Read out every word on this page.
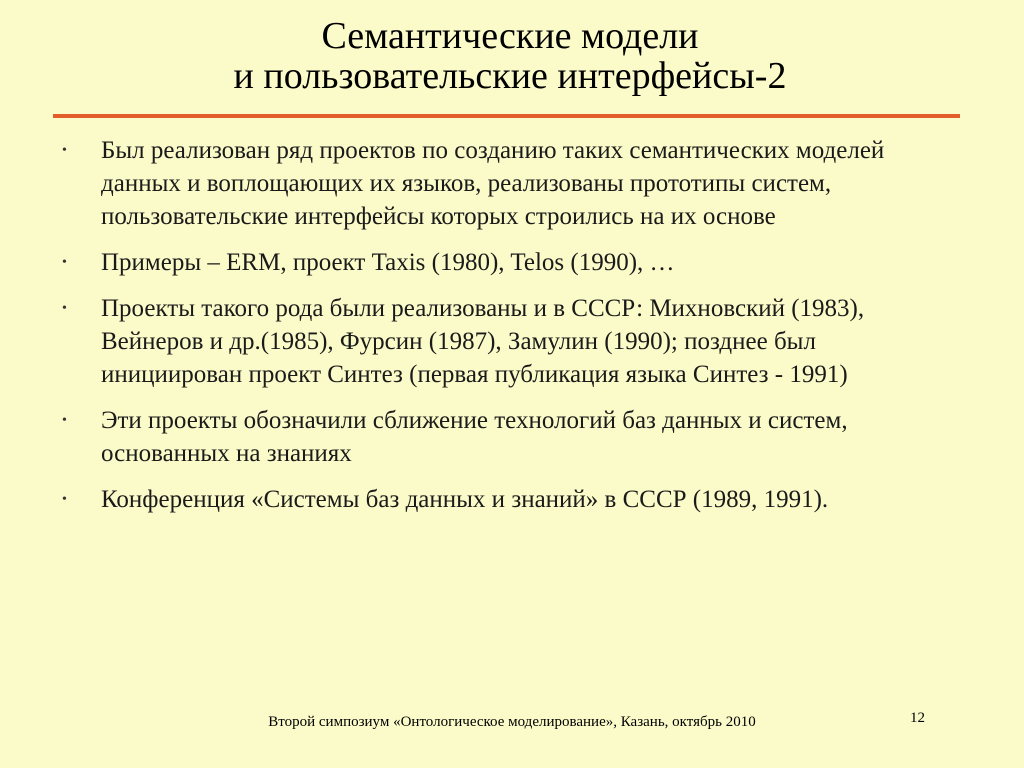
Семантические модели
и пользовательские интерфейсы-2
• Был реализован ряд проектов по созданию таких семантических моделей данных и воплощающих их языков, реализованы прототипы систем, пользовательские интерфейсы которых строились на их основе
• Примеры – ERM, проект Taxis (1980), Telos (1990), …
• Проекты такого рода были реализованы и в СССР: Михновский (1983), Вейнеров и др.(1985), Фурсин (1987), Замулин (1990); позднее был инициирован проект Синтез (первая публикация языка Синтез - 1991)
• Эти проекты обозначили сближение технологий баз данных и систем, основанных на знаниях
• Конференция «Системы баз данных и знаний» в СССР (1989, 1991).
Второй симпозиум «Онтологическое моделирование», Казань, октябрь 2010	12
